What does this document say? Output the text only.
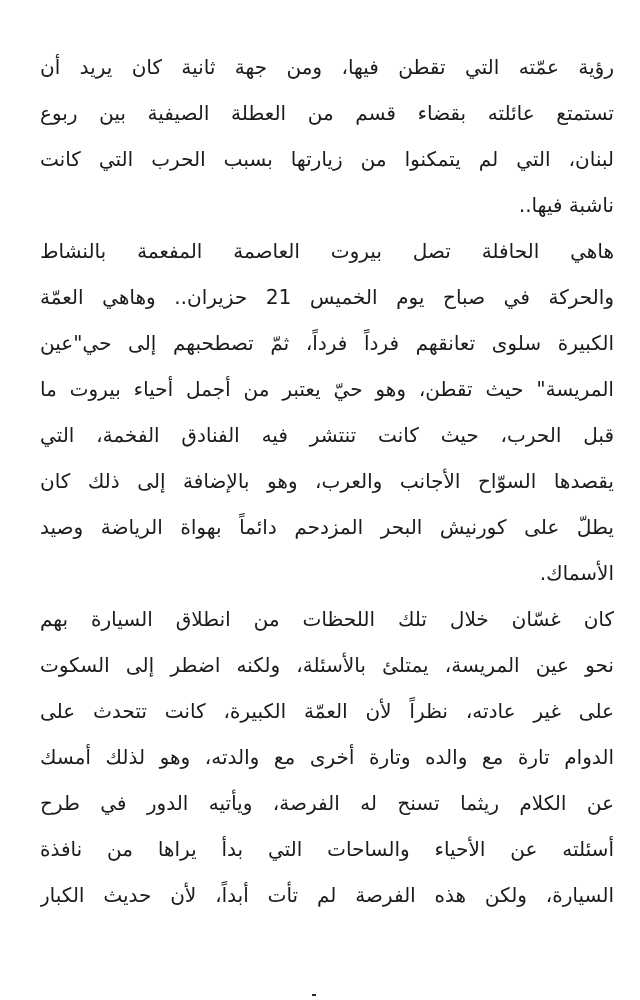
رؤية عمّته التي تقطن فيها، ومن جهة ثانية كان يريد أن
تستمتع عائلته بقضاء قسم من العطلة الصيفية بين ربوع
لبنان، التي لم يتمكنوا من زيارتها بسبب الحرب التي كانت
ناشبة فيها..
هاهي الحافلة تصل بيروت العاصمة المفعمة بالنشاط
والحركة في صباح يوم الخميس 21 حزيران.. وهاهي العمّة
الكبيرة سلوى تعانقهم فرداً فرداً، ثمّ تصطحبهم إلى حي"عين
المريسة" حيث تقطن، وهو حيّ يعتبر من أجمل أحياء بيروت ما
قبل الحرب، حيث كانت تنتشر فيه الفنادق الفخمة، التي
يقصدها السوّاح الأجانب والعرب، وهو بالإضافة إلى ذلك كان
يطلّ على كورنيش البحر المزدحم دائماً بهواة الرياضة وصيد
الأسماك.
كان غسّان خلال تلك اللحظات من انطلاق السيارة بهم
نحو عين المريسة، يمتلئ بالأسئلة، ولكنه اضطر إلى السكوت
على غير عادته، نظراً لأن العمّة الكبيرة، كانت تتحدث على
الدوام تارة مع والده وتارة أخرى مع والدته، وهو لذلك أمسك
عن الكلام ريثما تسنح له الفرصة، ويأتيه الدور في طرح
أسئلته عن الأحياء والساحات التي بدأ يراها من نافذة
السيارة، ولكن هذه الفرصة لم تأت أبداً، لأن حديث الكبار
